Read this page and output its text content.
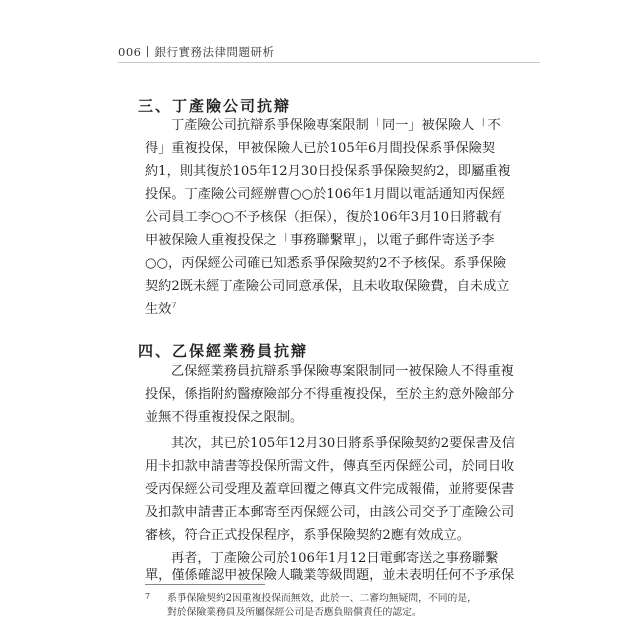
006 銀行實務法律問題研析
三、丁產險公司抗辯
丁產險公司抗辯系爭保險專案限制「同一」被保險人「不
得」重複投保，甲被保險人已於105年6月間投保系爭保險契
約1，則其復於105年12月30日投保系爭保險契約2，即屬重複
投保。丁產險公司經辦曹○○於106年1月間以電話通知丙保經
公司員工李○○不予核保（拒保），復於106年3月10日將載有
甲被保險人重複投保之「事務聯繫單」，以電子郵件寄送予李
○○，丙保經公司確已知悉系爭保險契約2不予核保。系爭保險
契約2既未經丁產險公司同意承保，且未收取保險費，自未成立
生效$^7$
四、乙保經業務員抗辯
乙保經業務員抗辯系爭保險專案限制同一被保險人不得重複
投保，係指附約醫療險部分不得重複投保，至於主約意外險部分
並無不得重複投保之限制。
其次，其已於105年12月30日將系爭保險契約2要保書及信
用卡扣款申請書等投保所需文件，傳真至丙保經公司，於同日收
受丙保經公司受理及蓋章回覆之傳真文件完成報備，並將要保書
及扣款申請書正本郵寄至丙保經公司，由該公司交予丁產險公司
審核，符合正式投保程序，系爭保險契約2應有效成立。
再者，丁產險公司於106年1月12日電郵寄送之事務聯繫
單，僅係確認甲被保險人職業等級問題，並未表明任何不予承保
7 系爭保險契約2因重複投保而無效，此於一、二審均無疑問，不同的是，
對於保險業務員及所屬保經公司是否應負賠償責任的認定。
